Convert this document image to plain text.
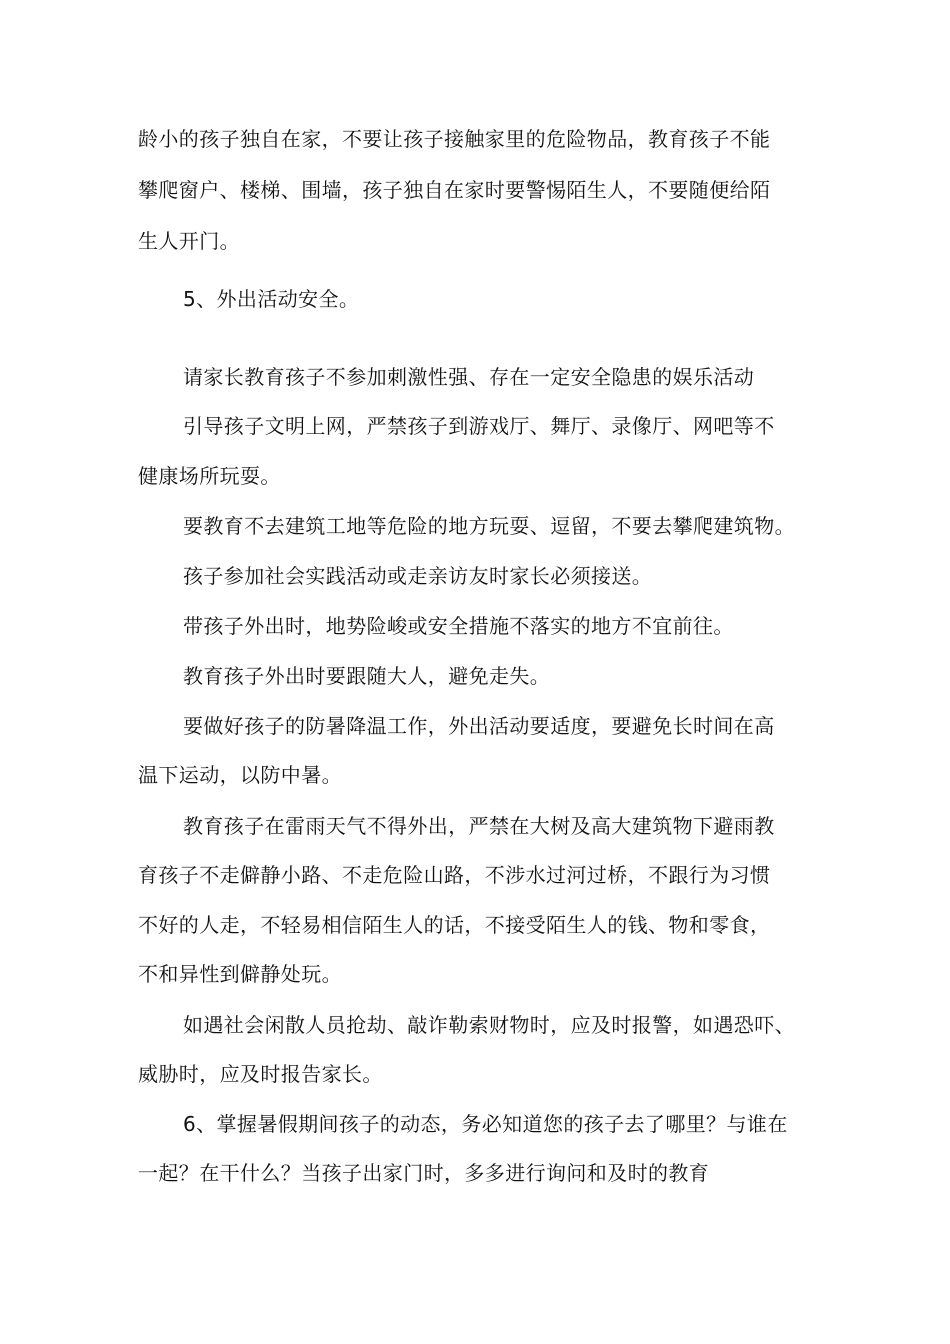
龄小的孩子独自在家，不要让孩子接触家里的危险物品，教育孩子不能

攀爬窗户、楼梯、围墙，孩子独自在家时要警惕陌生人，不要随便给陌

生人开门。

5、外出活动安全。

请家长教育孩子不参加刺激性强、存在一定安全隐患的娱乐活动

引导孩子文明上网，严禁孩子到游戏厅、舞厅、录像厅、网吧等不

健康场所玩耍。

要教育不去建筑工地等危险的地方玩耍、逗留，不要去攀爬建筑物。

孩子参加社会实践活动或走亲访友时家长必须接送。

带孩子外出时，地势险峻或安全措施不落实的地方不宜前往。

教育孩子外出时要跟随大人，避免走失。

要做好孩子的防暑降温工作，外出活动要适度，要避免长时间在高

温下运动，以防中暑。

教育孩子在雷雨天气不得外出，严禁在大树及高大建筑物下避雨教

育孩子不走僻静小路、不走危险山路，不涉水过河过桥，不跟行为习惯

不好的人走，不轻易相信陌生人的话，不接受陌生人的钱、物和零食，

不和异性到僻静处玩。

如遇社会闲散人员抢劫、敲诈勒索财物时，应及时报警，如遇恐吓、

威胁时，应及时报告家长。

6、掌握暑假期间孩子的动态，务必知道您的孩子去了哪里？与谁在

一起？在干什么？当孩子出家门时，多多进行询问和及时的教育
